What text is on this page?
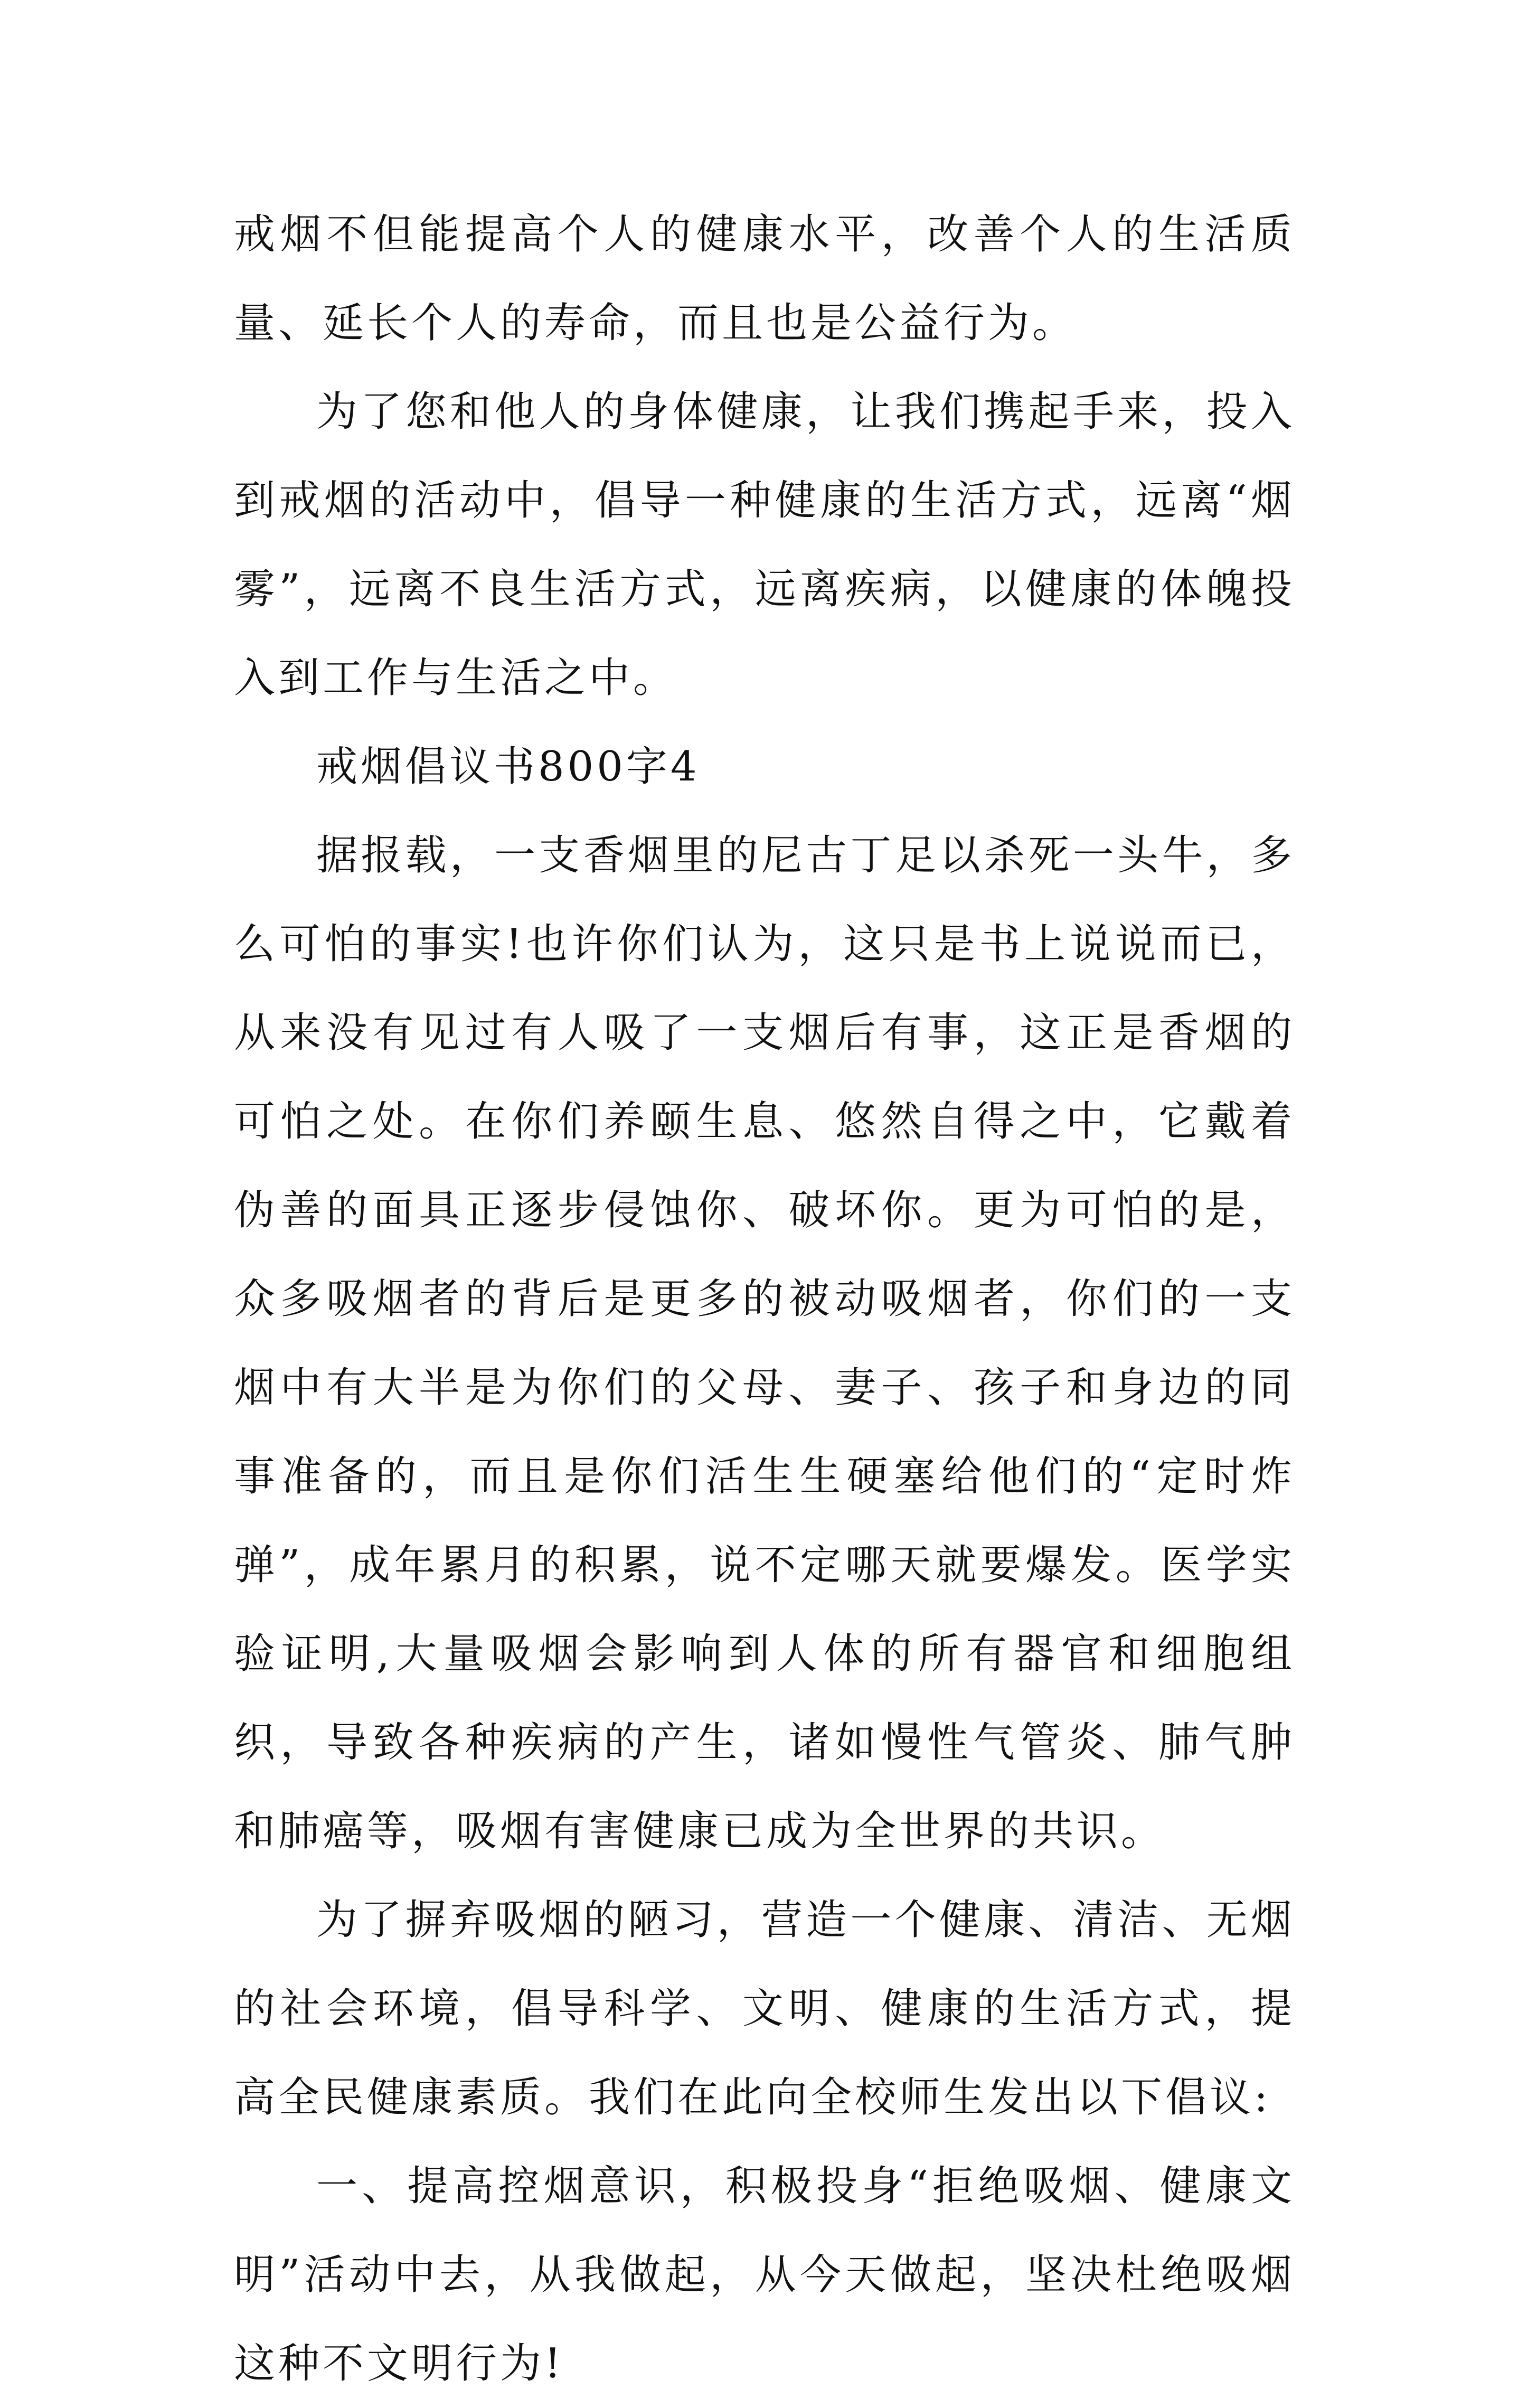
戒烟不但能提高个人的健康水平，改善个人的生活质量、延长个人的寿命，而且也是公益行为。

为了您和他人的身体健康，让我们携起手来，投入到戒烟的活动中，倡导一种健康的生活方式，远离“烟雾”，远离不良生活方式，远离疾病，以健康的体魄投入到工作与生活之中。

戒烟倡议书800字4

据报载，一支香烟里的尼古丁足以杀死一头牛，多么可怕的事实!也许你们认为，这只是书上说说而已，从来没有见过有人吸了一支烟后有事，这正是香烟的可怕之处。在你们养颐生息、悠然自得之中，它戴着伪善的面具正逐步侵蚀你、破坏你。更为可怕的是，众多吸烟者的背后是更多的被动吸烟者，你们的一支烟中有大半是为你们的父母、妻子、孩子和身边的同事准备的，而且是你们活生生硬塞给他们的“定时炸弹”，成年累月的积累，说不定哪天就要爆发。医学实验证明,大量吸烟会影响到人体的所有器官和细胞组织，导致各种疾病的产生，诸如慢性气管炎、肺气肿和肺癌等，吸烟有害健康已成为全世界的共识。

为了摒弃吸烟的陋习，营造一个健康、清洁、无烟的社会环境，倡导科学、文明、健康的生活方式，提高全民健康素质。我们在此向全校师生发出以下倡议:

一、提高控烟意识，积极投身“拒绝吸烟、健康文明”活动中去，从我做起，从今天做起，坚决杜绝吸烟这种不文明行为!
